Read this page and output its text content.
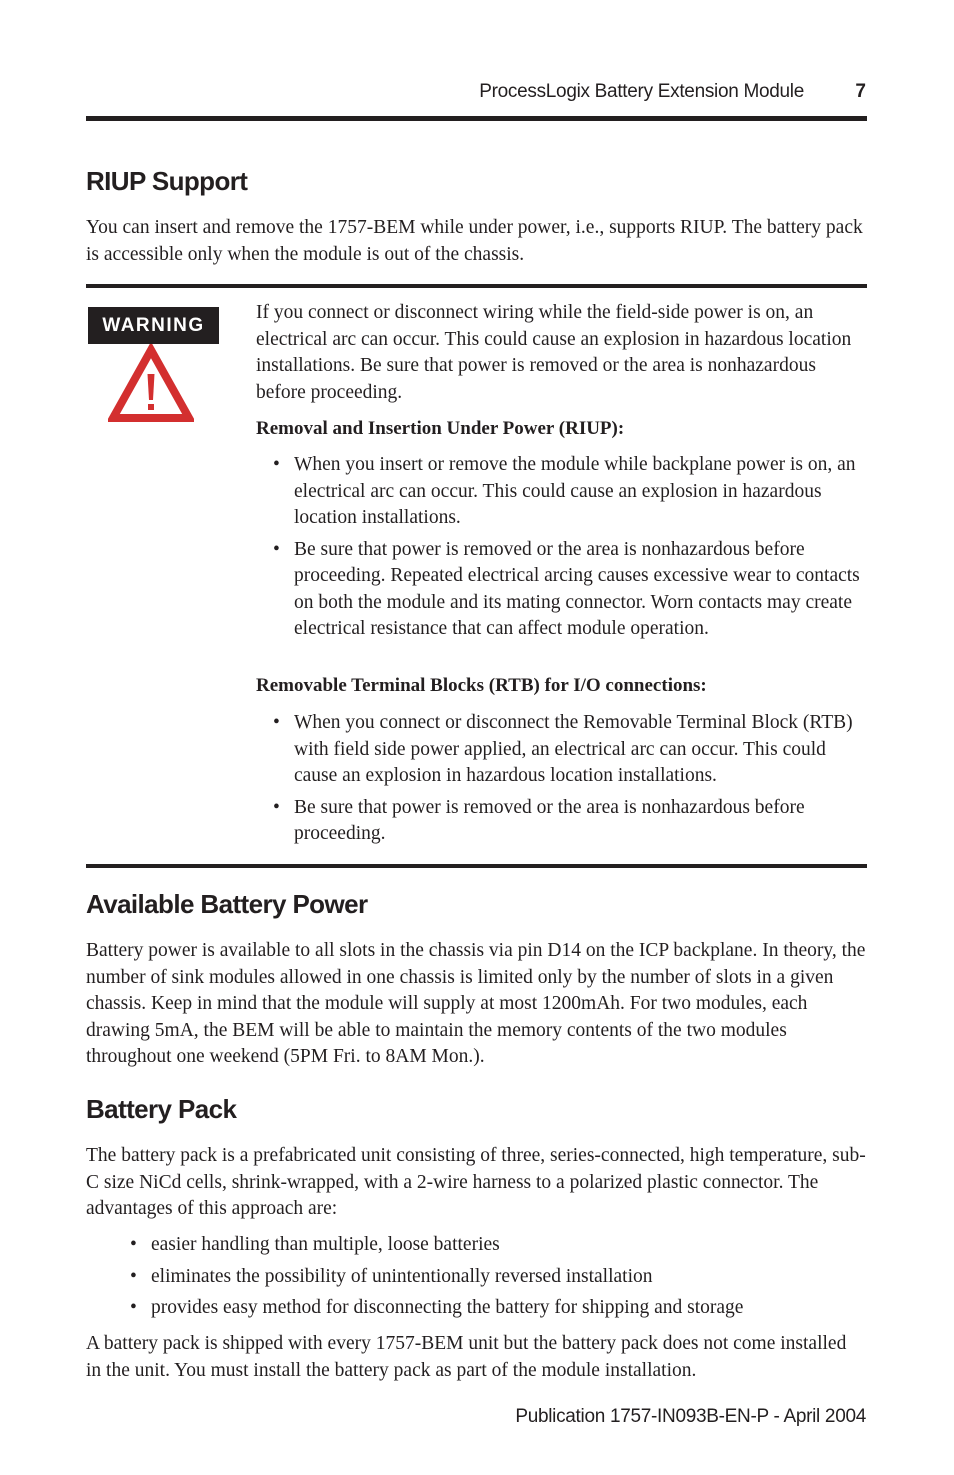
ProcessLogix Battery Extension Module	7
RIUP Support

You can insert and remove the 1757-BEM while under power, i.e., supports RIUP. The battery pack is accessible only when the module is out of the chassis.

WARNING

If you connect or disconnect wiring while the field-side power is on, an electrical arc can occur. This could cause an explosion in hazardous location installations. Be sure that power is removed or the area is nonhazardous before proceeding.

Removal and Insertion Under Power (RIUP):

• When you insert or remove the module while backplane power is on, an electrical arc can occur. This could cause an explosion in hazardous location installations.
• Be sure that power is removed or the area is nonhazardous before proceeding. Repeated electrical arcing causes excessive wear to contacts on both the module and its mating connector. Worn contacts may create electrical resistance that can affect module operation.

Removable Terminal Blocks (RTB) for I/O connections:

• When you connect or disconnect the Removable Terminal Block (RTB) with field side power applied, an electrical arc can occur. This could cause an explosion in hazardous location installations.
• Be sure that power is removed or the area is nonhazardous before proceeding.
Available Battery Power

Battery power is available to all slots in the chassis via pin D14 on the ICP backplane. In theory, the number of sink modules allowed in one chassis is limited only by the number of slots in a given chassis. Keep in mind that the module will supply at most 1200mAh. For two modules, each drawing 5mA, the BEM will be able to maintain the memory contents of the two modules throughout one weekend (5PM Fri. to 8AM Mon.).

Battery Pack

The battery pack is a prefabricated unit consisting of three, series-connected, high temperature, sub-C size NiCd cells, shrink-wrapped, with a 2-wire harness to a polarized plastic connector. The advantages of this approach are:

• easier handling than multiple, loose batteries
• eliminates the possibility of unintentionally reversed installation
• provides easy method for disconnecting the battery for shipping and storage

A battery pack is shipped with every 1757-BEM unit but the battery pack does not come installed in the unit. You must install the battery pack as part of the module installation.

Publication 1757-IN093B-EN-P - April 2004
